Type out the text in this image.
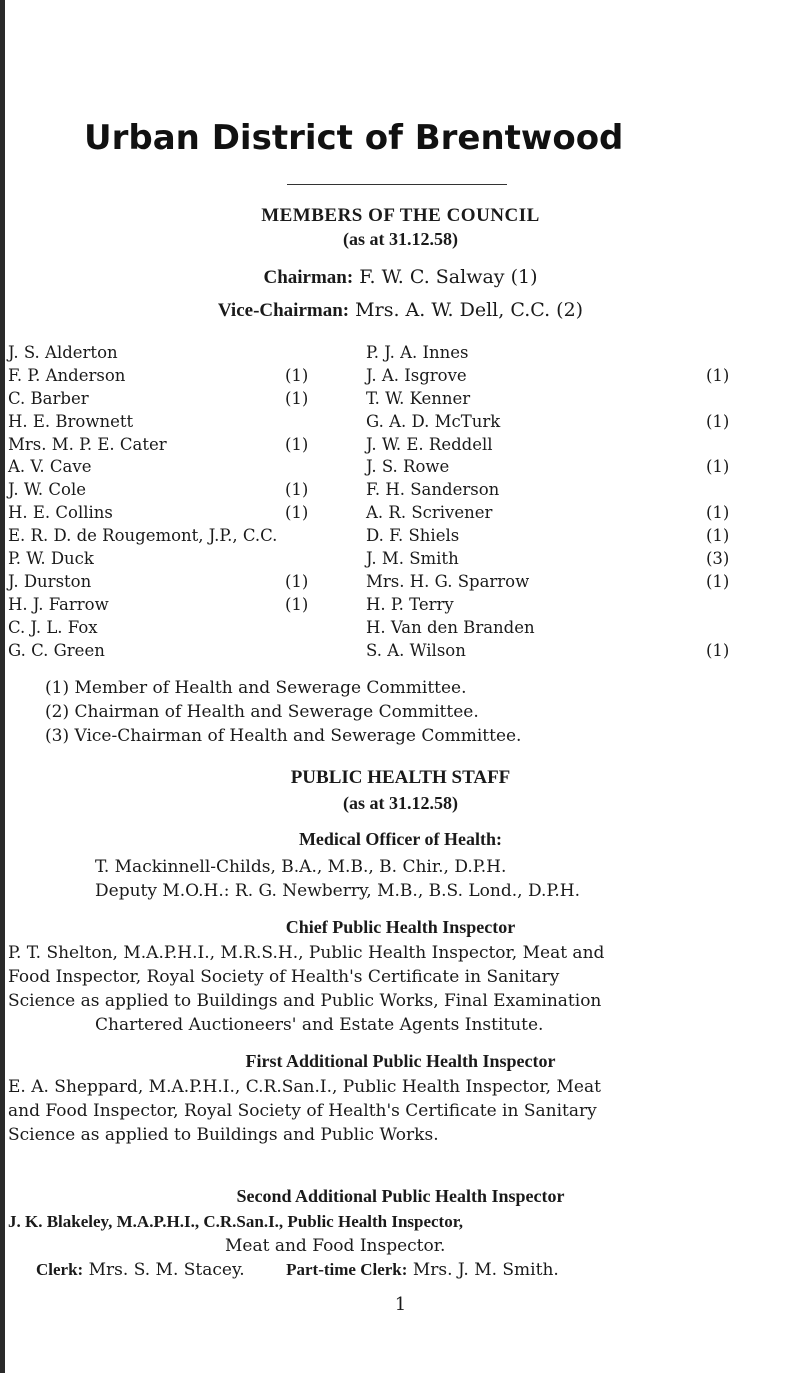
Urban District of Brentwood
MEMBERS OF THE COUNCIL
(as at 31.12.58)
Chairman: F. W. C. Salway (1)
Vice-Chairman: Mrs. A. W. Dell, C.C. (2)
J. S. Alderton
F. P. Anderson	(1)
C. Barber	(1)
H. E. Brownett
Mrs. M. P. E. Cater	(1)
A. V. Cave
J. W. Cole	(1)
H. E. Collins	(1)
E. R. D. de Rougemont, J.P., C.C.
P. W. Duck
J. Durston	(1)
H. J. Farrow	(1)
C. J. L. Fox
G. C. Green
P. J. A. Innes
J. A. Isgrove	(1)
T. W. Kenner
G. A. D. McTurk	(1)
J. W. E. Reddell
J. S. Rowe	(1)
F. H. Sanderson
A. R. Scrivener	(1)
D. F. Shiels	(1)
J. M. Smith	(3)
Mrs. H. G. Sparrow	(1)
H. P. Terry
H. Van den Branden
S. A. Wilson	(1)
(1) Member of Health and Sewerage Committee.
(2) Chairman of Health and Sewerage Committee.
(3) Vice-Chairman of Health and Sewerage Committee.
PUBLIC HEALTH STAFF
(as at 31.12.58)
Medical Officer of Health:
T. Mackinnell-Childs, B.A., M.B., B. Chir., D.P.H.
Deputy M.O.H.: R. G. Newberry, M.B., B.S. Lond., D.P.H.
Chief Public Health Inspector
P. T. Shelton, M.A.P.H.I., M.R.S.H., Public Health Inspector, Meat and
Food Inspector, Royal Society of Health's Certificate in Sanitary
Science as applied to Buildings and Public Works, Final Examination
Chartered Auctioneers' and Estate Agents Institute.
First Additional Public Health Inspector
E. A. Sheppard, M.A.P.H.I., C.R.San.I., Public Health Inspector, Meat
and Food Inspector, Royal Society of Health's Certificate in Sanitary
Science as applied to Buildings and Public Works.
Second Additional Public Health Inspector
J. K. Blakeley, M.A.P.H.I., C.R.San.I., Public Health Inspector,
Meat and Food Inspector.
Clerk: Mrs. S. M. Stacey. Part-time Clerk: Mrs. J. M. Smith.
1
